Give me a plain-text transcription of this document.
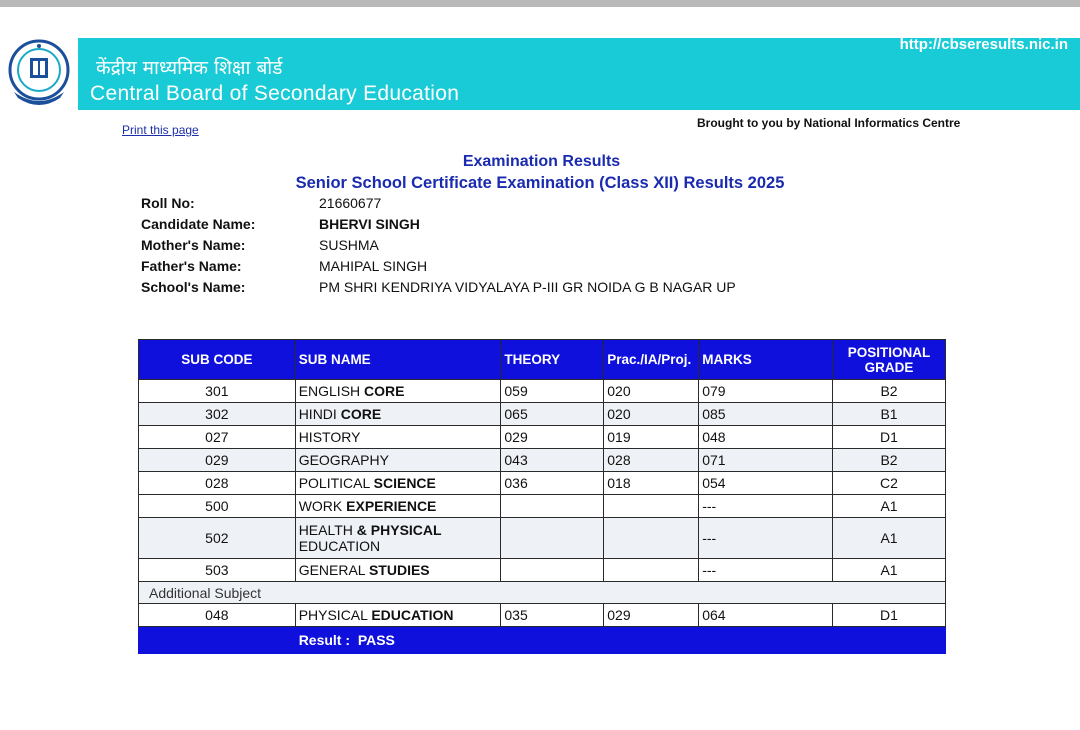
http://cbseresults.nic.in
केंद्रीय माध्यमिक शिक्षा बोर्ड
Central Board of Secondary Education
Print this page	Brought to you by National Informatics Centre
Examination Results
Senior School Certificate Examination (Class XII) Results 2025
Roll No:	21660677
Candidate Name:	BHERVI SINGH
Mother's Name:	SUSHMA
Father's Name:	MAHIPAL SINGH
School's Name:	PM SHRI KENDRIYA VIDYALAYA P-III GR NOIDA G B NAGAR UP
SUB CODE	SUB NAME	THEORY	Prac./IA/Proj.	MARKS	POSITIONAL
GRADE
301	ENGLISH CORE	059	020	079	B2
302	HINDI CORE	065	020	085	B1
027	HISTORY	029	019	048	D1
029	GEOGRAPHY	043	028	071	B2
028	POLITICAL SCIENCE	036	018	054	C2
500	WORK EXPERIENCE			---	A1
502	HEALTH & PHYSICAL
EDUCATION			---	A1
503	GENERAL STUDIES			---	A1
Additional Subject					
048	PHYSICAL EDUCATION	035	029	064	D1
	Result : PASS				
